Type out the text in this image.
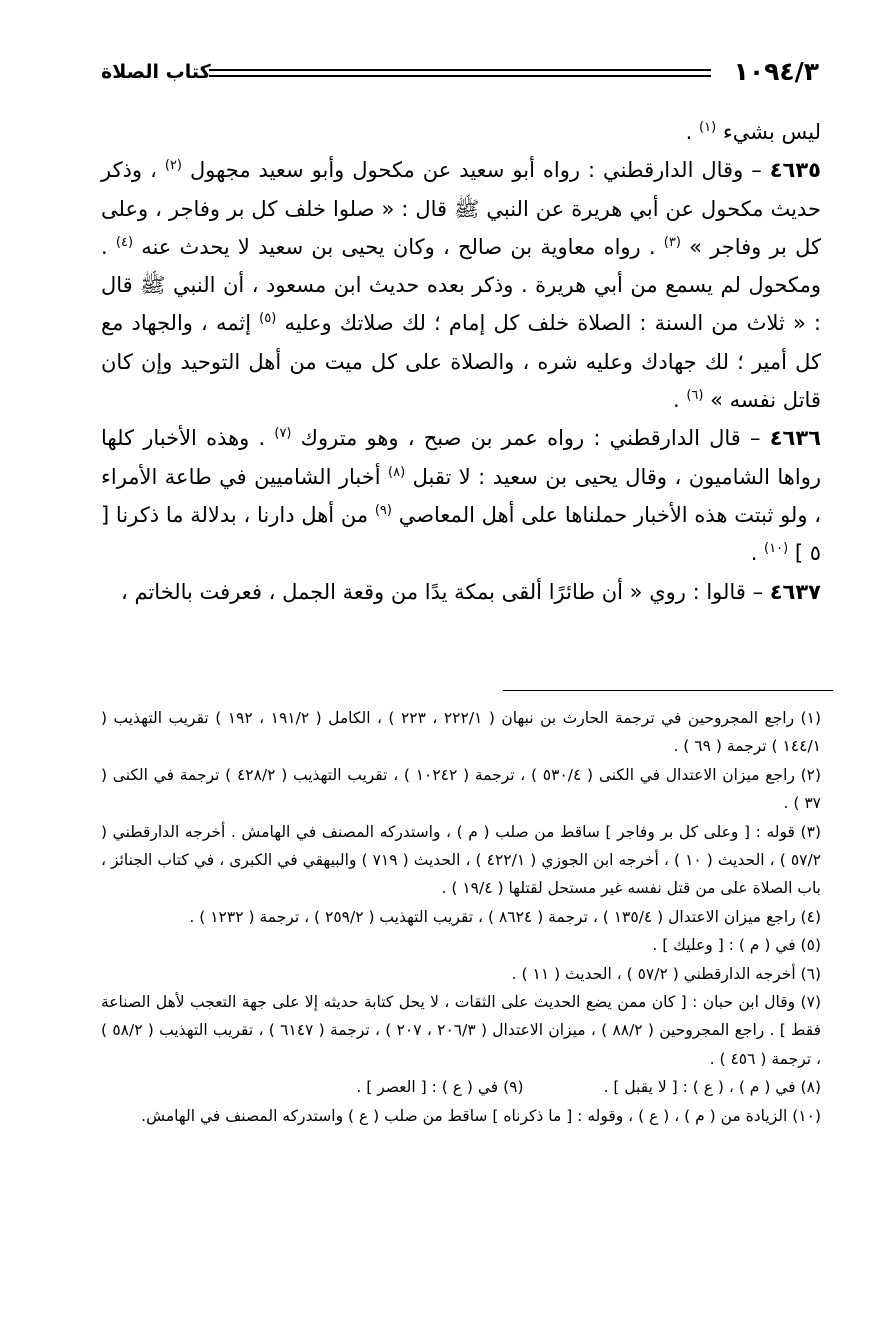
١٠٩٤/٣
كتاب الصلاة

ليس بشيء $^{(١)}$ .

٤٦٣٥ – وقال الدارقطني : رواه أبو سعيد عن مكحول وأبو سعيد مجهول $^{(٢)}$ ، وذكر حديث مكحول عن أبي هريرة عن النبي ﷺ قال : « صلوا خلف كل بر وفاجر ، وعلى كل بر وفاجر » $^{(٣)}$ . رواه معاوية بن صالح ، وكان يحيى بن سعيد لا يحدث عنه $^{(٤)}$ . ومكحول لم يسمع من أبي هريرة . وذكر بعده حديث ابن مسعود ، أن النبي ﷺ قال : « ثلاث من السنة : الصلاة خلف كل إمام ؛ لك صلاتك وعليه $^{(٥)}$ إثمه ، والجهاد مع كل أمير ؛ لك جهادك وعليه شره ، والصلاة على كل ميت من أهل التوحيد وإن كان قاتل نفسه » $^{(٦)}$ .

٤٦٣٦ – قال الدارقطني : رواه عمر بن صبح ، وهو متروك $^{(٧)}$ . وهذه الأخبار كلها رواها الشاميون ، وقال يحيى بن سعيد : لا تقبل $^{(٨)}$ أخبار الشاميين في طاعة الأمراء ، ولو ثبتت هذه الأخبار حملناها على أهل المعاصي $^{(٩)}$ من أهل دارنا ، بدلالة ما ذكرنا [ ٥ ] $^{(١٠)}$ .

٤٦٣٧ – قالوا : روي « أن طائرًا ألقى بمكة يدًا من وقعة الجمل ، فعرفت بالخاتم ،

(١) راجع المجروحين في ترجمة الحارث بن نبهان ( ٢٢٢/١ ، ٢٢٣ ) ، الكامل ( ١٩١/٢ ، ١٩٢ ) تقريب التهذيب ( ١٤٤/١ ) ترجمة ( ٦٩ ) .

(٢) راجع ميزان الاعتدال في الكنى ( ٥٣٠/٤ ) ، ترجمة ( ١٠٢٤٢ ) ، تقريب التهذيب ( ٤٢٨/٢ ) ترجمة في الكنى ( ٣٧ ) .

(٣) قوله : [ وعلى كل بر وفاجر ] ساقط من صلب ( م ) ، واستدركه المصنف في الهامش . أخرجه الدارقطني ( ٥٧/٢ ) ، الحديث ( ١٠ ) ، أخرجه ابن الجوزي ( ٤٢٢/١ ) ، الحديث ( ٧١٩ ) والبيهقي في الكبرى ، في كتاب الجنائز ، باب الصلاة على من قتل نفسه غير مستحل لقتلها ( ١٩/٤ ) .

(٤) راجع ميزان الاعتدال ( ١٣٥/٤ ) ، ترجمة ( ٨٦٢٤ ) ، تقريب التهذيب ( ٢٥٩/٢ ) ، ترجمة ( ١٢٣٢ ) .

(٥) في ( م ) : [ وعليك ] .

(٦) أخرجه الدارقطني ( ٥٧/٢ ) ، الحديث ( ١١ ) .

(٧) وقال ابن حبان : [ كان ممن يضع الحديث على الثقات ، لا يحل كتابة حديثه إلا على جهة التعجب لأهل الصناعة فقط ] . راجع المجروحين ( ٨٨/٢ ) ، ميزان الاعتدال ( ٢٠٦/٣ ، ٢٠٧ ) ، ترجمة ( ٦١٤٧ ) ، تقريب التهذيب ( ٥٨/٢ ) ، ترجمة ( ٤٥٦ ) .

(٨) في ( م ) ، ( ع ) : [ لا يقبل ] .
(٩) في ( ع ) : [ العصر ] .

(١٠) الزيادة من ( م ) ، ( ع ) ، وقوله : [ ما ذكرناه ] ساقط من صلب ( ع ) واستدركه المصنف في الهامش.
